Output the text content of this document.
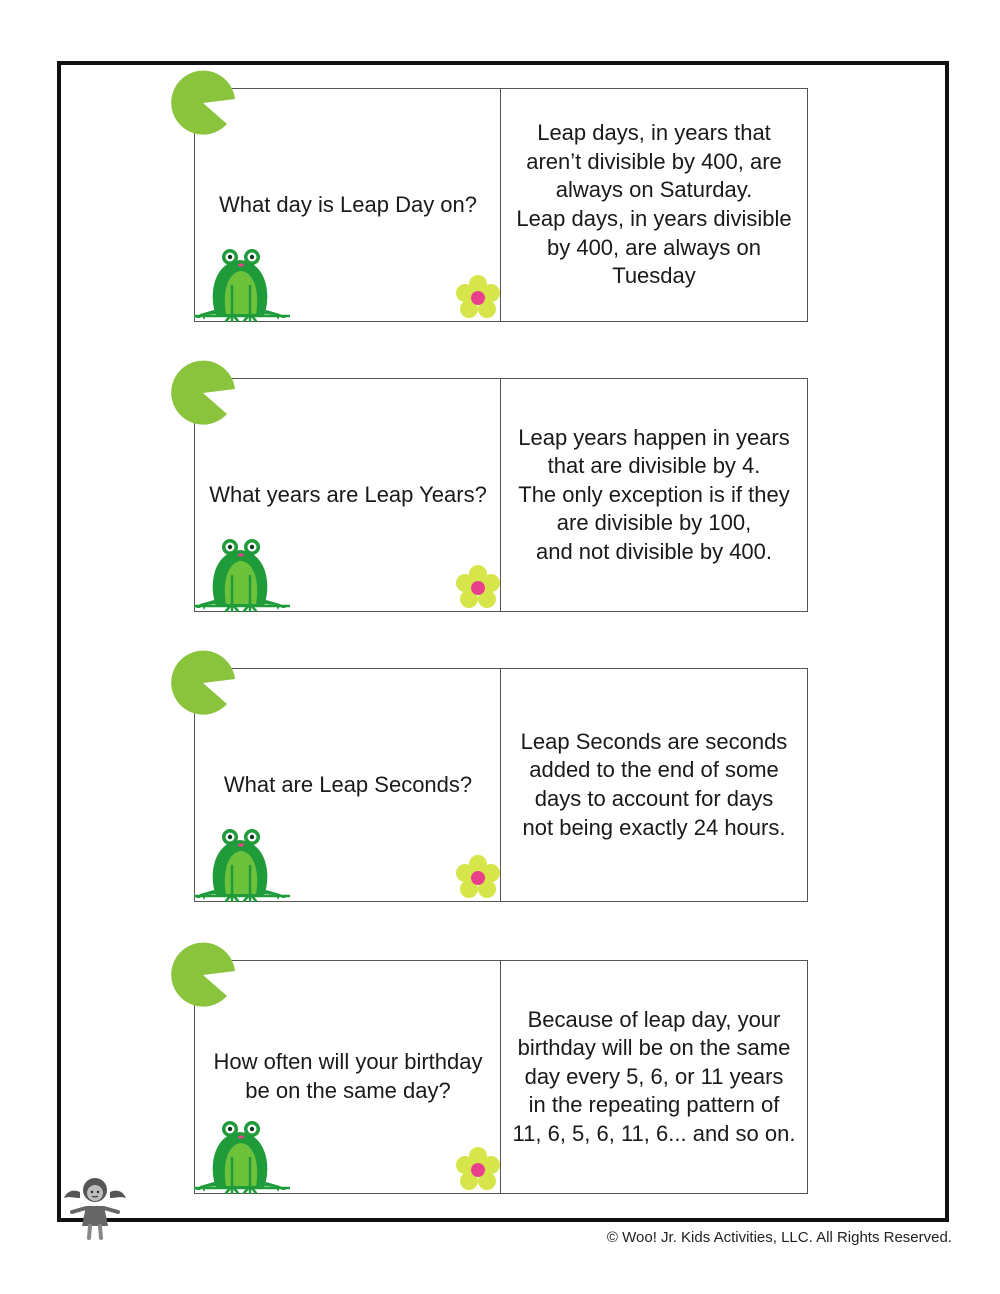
What day is Leap Day on?
Leap days, in years that
aren’t divisible by 400, are
always on Saturday.
Leap days, in years divisible
by 400, are always on
Tuesday
What years are Leap Years?
Leap years happen in years
that are divisible by 4.
The only exception is if they
are divisible by 100,
and not divisible by 400.
What are Leap Seconds?
Leap Seconds are seconds
added to the end of some
days to account for days
not being exactly 24 hours.
How often will your birthday
be on the same day?
Because of leap day, your
birthday will be on the same
day every 5, 6, or 11 years
in the repeating pattern of
11, 6, 5, 6, 11, 6... and so on.
© Woo! Jr. Kids Activities, LLC. All Rights Reserved.
